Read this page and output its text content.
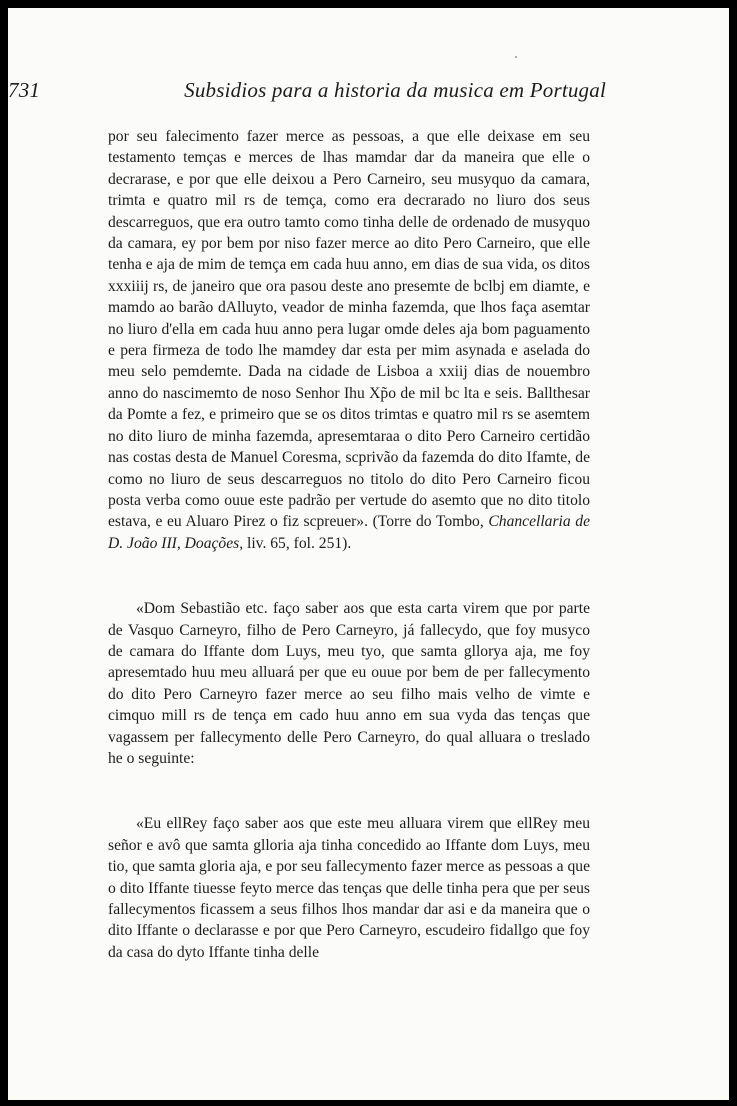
Subsidios para a historia da musica em Portugal
731

por seu falecimento fazer merce as pessoas, a que elle deixase em seu testamento temças e merces de lhas mamdar dar da maneira que elle o decrarase, e por que elle deixou a Pero Carneiro, seu musyquo da camara, trimta e quatro mil rs de temça, como era decrarado no liuro dos seus descarreguos, que era outro tamto como tinha delle de ordenado de musyquo da camara, ey por bem por niso fazer merce ao dito Pero Carneiro, que elle tenha e aja de mim de temça em cada huu anno, em dias de sua vida, os ditos xxxiiij rs, de janeiro que ora pasou deste ano presemte de bclbj em diamte, e mamdo ao barão dAlluyto, veador de minha fazemda, que lhos faça asemtar no liuro d'ella em cada huu anno pera lugar omde deles aja bom paguamento e pera firmeza de todo lhe mamdey dar esta per mim asynada e aselada do meu selo pemdemte. Dada na cidade de Lisboa a xxiij dias de nouembro anno do nascimemto de noso Senhor Ihu Xp̃o de mil bc lta e seis. Ballthesar da Pomte a fez, e primeiro que se os ditos trimtas e quatro mil rs se asemtem no dito liuro de minha fazemda, apresemtaraa o dito Pero Carneiro certidão nas costas desta de Manuel Coresma, scprivão da fazemda do dito Ifamte, de como no liuro de seus descarreguos no titolo do dito Pero Carneiro ficou posta verba como ouue este padrão per vertude do asemto que no dito titolo estava, e eu Aluaro Pirez o fiz scpreuer». (Torre do Tombo, Chancellaria de D. João III, Doações, liv. 65, fol. 251).

«Dom Sebastião etc. faço saber aos que esta carta virem que por parte de Vasquo Carneyro, filho de Pero Carneyro, já fallecydo, que foy musyco de camara do Iffante dom Luys, meu tyo, que samta gllorya aja, me foy apresemtado huu meu alluará per que eu ouue por bem de per fallecymento do dito Pero Carneyro fazer merce ao seu filho mais velho de vimte e cimquo mill rs de tença em cado huu anno em sua vyda das tenças que vagassem per fallecymento delle Pero Carneyro, do qual alluara o treslado he o seguinte:

«Eu ellRey faço saber aos que este meu alluara virem que ellRey meu señor e avô que samta glloria aja tinha concedido ao Iffante dom Luys, meu tio, que samta gloria aja, e por seu fallecymento fazer merce as pessoas a que o dito Iffante tiuesse feyto merce das tenças que delle tinha pera que per seus fallecymentos ficassem a seus filhos lhos mandar dar asi e da maneira que o dito Iffante o declarasse e por que Pero Carneyro, escudeiro fidallgo que foy da casa do dyto Iffante tinha delle
